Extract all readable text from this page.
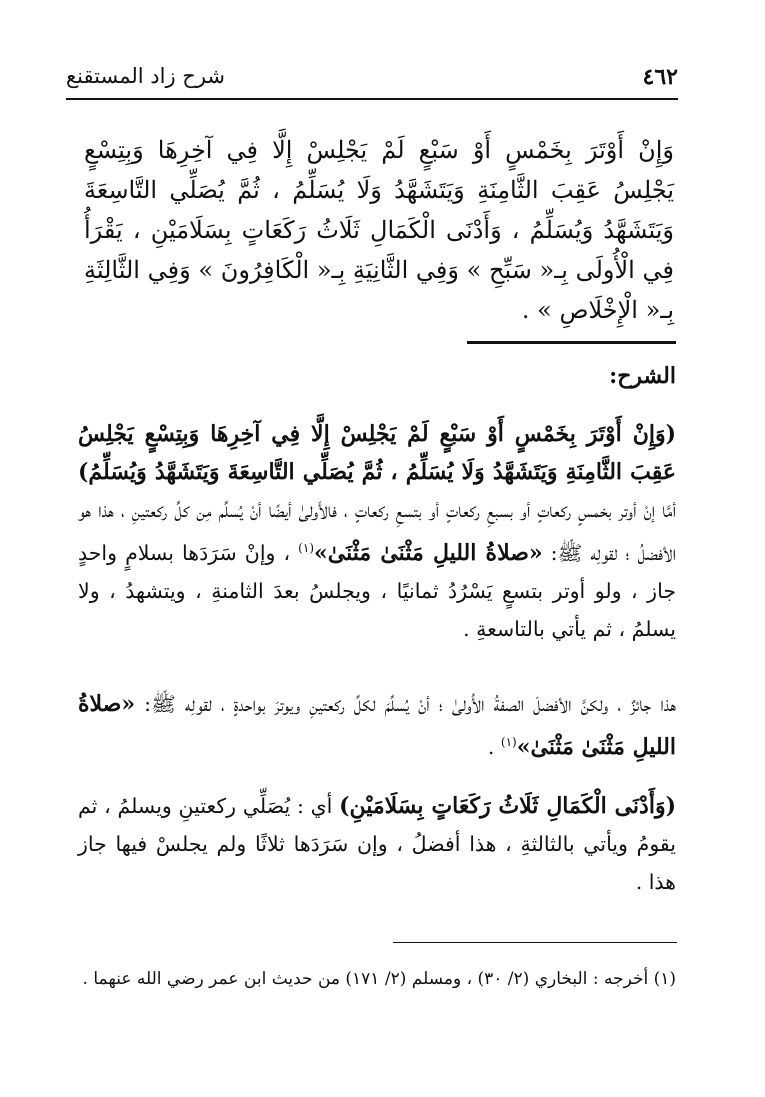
٤٦٢
شرح زاد المستقنع
وَإِنْ أَوْتَرَ بِخَمْسٍ أَوْ سَبْعٍ لَمْ يَجْلِسْ إِلَّا فِي آخِرِهَا وَبِتِسْعٍ يَجْلِسُ عَقِبَ الثَّامِنَةِ وَيَتَشَهَّدُ وَلَا يُسَلِّمُ ، ثُمَّ يُصَلِّي التَّاسِعَةَ وَيَتَشَهَّدُ وَيُسَلِّمُ ، وَأَدْنَى الْكَمَالِ ثَلَاثُ رَكَعَاتٍ بِسَلَامَيْنِ ، يَقْرَأُ فِي الْأُولَى بِـ« سَبِّحِ » وَفِي الثَّانِيَةِ بِـ« الْكَافِرُونَ » وَفِي الثَّالِثَةِ بِـ« الْإِخْلَاصِ » .
الشرح:
(وَإِنْ أَوْتَرَ بِخَمْسٍ أَوْ سَبْعٍ لَمْ يَجْلِسْ إِلَّا فِي آخِرِهَا وَبِتِسْعٍ يَجْلِسُ عَقِبَ الثَّامِنَةِ وَيَتَشَهَّدُ وَلَا يُسَلِّمُ ، ثُمَّ يُصَلِّي التَّاسِعَةَ وَيَتَشَهَّدُ وَيُسَلِّمُ) أمَّا إنْ أوتر بخمسٍ ركعاتٍ أو بسبعِ ركعاتٍ أو بتسعِ ركعاتٍ ، فالأَولىٰ أيضًا أنْ يُسلِّم مِن كلِّ ركعتينِ ، هذا هو الأفضلُ ؛ لقولِه ﷺ: «صلاةُ الليلِ مَثْنَىٰ مَثْنَىٰ»$^{(١)}$ ، وإنْ سَرَدَها بسلامٍ واحدٍ جاز ، ولو أوتر بتسعٍ يَسْرُدُ ثمانيًا ، ويجلسُ بعدَ الثامنةِ ، ويتشهدُ ، ولا يسلمُ ، ثم يأتي بالتاسعةِ .
هذا جائزٌ ، ولكنَّ الأفضلَ الصفةُ الأُولىٰ ؛ أنْ يُسلِّمَ لكلِّ ركعتينِ ويوترَ بواحدةٍ ، لقولِه ﷺ: «صلاةُ الليلِ مَثْنَىٰ مَثْنَىٰ»$^{(١)}$ .
(وَأَدْنَى الْكَمَالِ ثَلَاثُ رَكَعَاتٍ بِسَلَامَيْنِ) أي : يُصَلِّي ركعتينِ ويسلمُ ، ثم يقومُ ويأتي بالثالثةِ ، هذا أفضلُ ، وإن سَرَدَها ثلاثًا ولم يجلسْ فيها جاز هذا .
(١) أخرجه : البخاري (٢/ ٣٠) ، ومسلم (٢/ ١٧١) من حديث ابن عمر رضي الله عنهما .
